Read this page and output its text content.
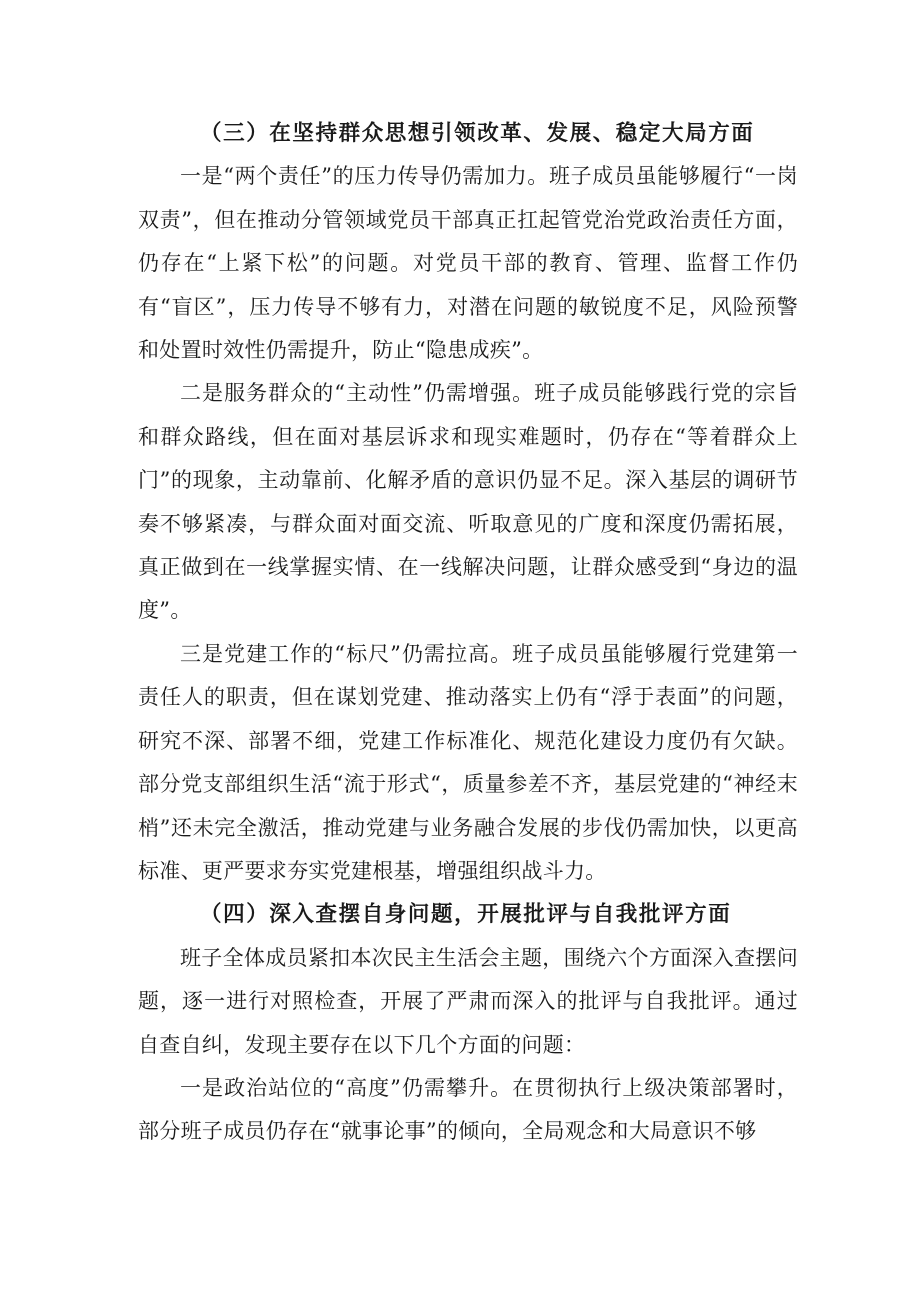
（三）在坚持群众思想引领改革、发展、稳定大局方面

一是“两个责任”的压力传导仍需加力。班子成员虽能够履行“一岗双责”，但在推动分管领域党员干部真正扛起管党治党政治责任方面，仍存在“上紧下松”的问题。对党员干部的教育、管理、监督工作仍有“盲区”，压力传导不够有力，对潜在问题的敏锐度不足，风险预警和处置时效性仍需提升，防止“隐患成疾”。

二是服务群众的“主动性”仍需增强。班子成员能够践行党的宗旨和群众路线，但在面对基层诉求和现实难题时，仍存在“等着群众上门”的现象，主动靠前、化解矛盾的意识仍显不足。深入基层的调研节奏不够紧凑，与群众面对面交流、听取意见的广度和深度仍需拓展，真正做到在一线掌握实情、在一线解决问题，让群众感受到“身边的温度”。

三是党建工作的“标尺”仍需拉高。班子成员虽能够履行党建第一责任人的职责，但在谋划党建、推动落实上仍有“浮于表面”的问题，研究不深、部署不细，党建工作标准化、规范化建设力度仍有欠缺。部分党支部组织生活“流于形式“，质量参差不齐，基层党建的“神经末梢”还未完全激活，推动党建与业务融合发展的步伐仍需加快，以更高标准、更严要求夯实党建根基，增强组织战斗力。

（四）深入查摆自身问题，开展批评与自我批评方面

班子全体成员紧扣本次民主生活会主题，围绕六个方面深入查摆问题，逐一进行对照检查，开展了严肃而深入的批评与自我批评。通过自查自纠，发现主要存在以下几个方面的问题：

一是政治站位的“高度”仍需攀升。在贯彻执行上级决策部署时，部分班子成员仍存在“就事论事”的倾向，全局观念和大局意识不够
